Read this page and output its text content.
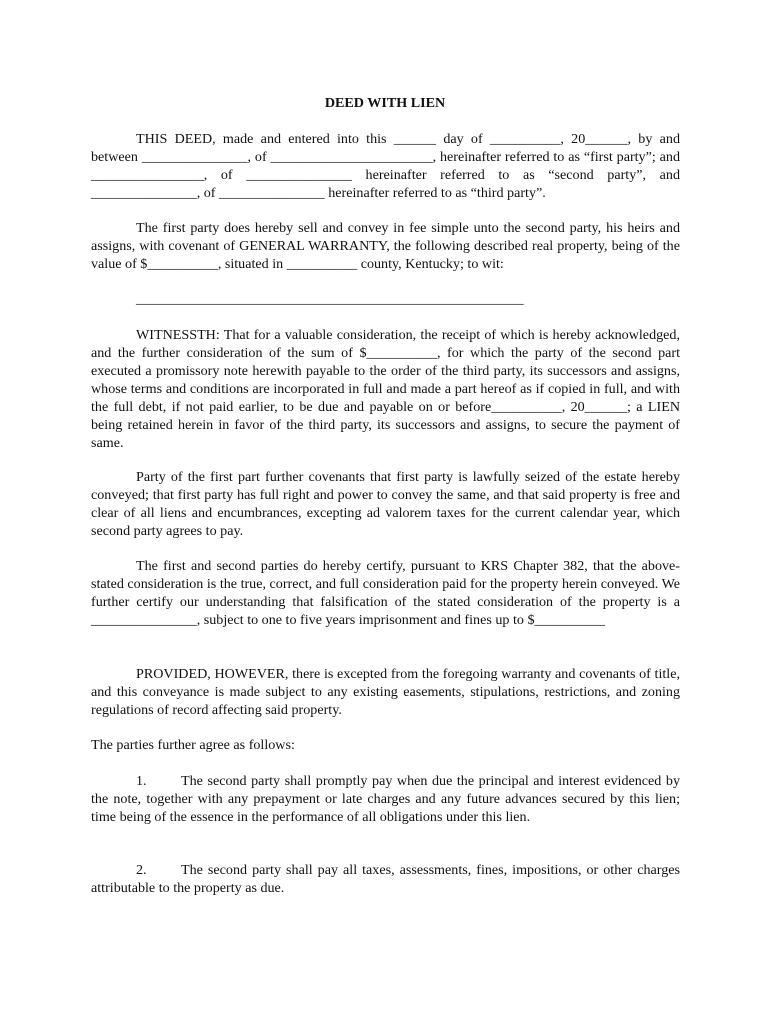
DEED WITH LIEN

THIS DEED, made and entered into this ______ day of __________, 20______, by and between _______________, of _______________________, hereinafter referred to as “first party”; and ________________, of _______________ hereinafter referred to as “second party”, and _______________, of _______________ hereinafter referred to as “third party”.

The first party does hereby sell and convey in fee simple unto the second party, his heirs and assigns, with covenant of GENERAL WARRANTY, the following described real property, being of the value of $__________, situated in __________ county, Kentucky; to wit:

_______________________________________________________

WITNESSTH: That for a valuable consideration, the receipt of which is hereby acknowledged, and the further consideration of the sum of $__________, for which the party of the second part executed a promissory note herewith payable to the order of the third party, its successors and assigns, whose terms and conditions are incorporated in full and made a part hereof as if copied in full, and with the full debt, if not paid earlier, to be due and payable on or before__________, 20______; a LIEN being retained herein in favor of the third party, its successors and assigns, to secure the payment of same.

Party of the first part further covenants that first party is lawfully seized of the estate hereby conveyed; that first party has full right and power to convey the same, and that said property is free and clear of all liens and encumbrances, excepting ad valorem taxes for the current calendar year, which second party agrees to pay.

The first and second parties do hereby certify, pursuant to KRS Chapter 382, that the above-stated consideration is the true, correct, and full consideration paid for the property herein conveyed. We further certify our understanding that falsification of the stated consideration of the property is a _______________, subject to one to five years imprisonment and fines up to $__________

PROVIDED, HOWEVER, there is excepted from the foregoing warranty and covenants of title, and this conveyance is made subject to any existing easements, stipulations, restrictions, and zoning regulations of record affecting said property.

The parties further agree as follows:

1. The second party shall promptly pay when due the principal and interest evidenced by the note, together with any prepayment or late charges and any future advances secured by this lien; time being of the essence in the performance of all obligations under this lien.

2. The second party shall pay all taxes, assessments, fines, impositions, or other charges attributable to the property as due.
